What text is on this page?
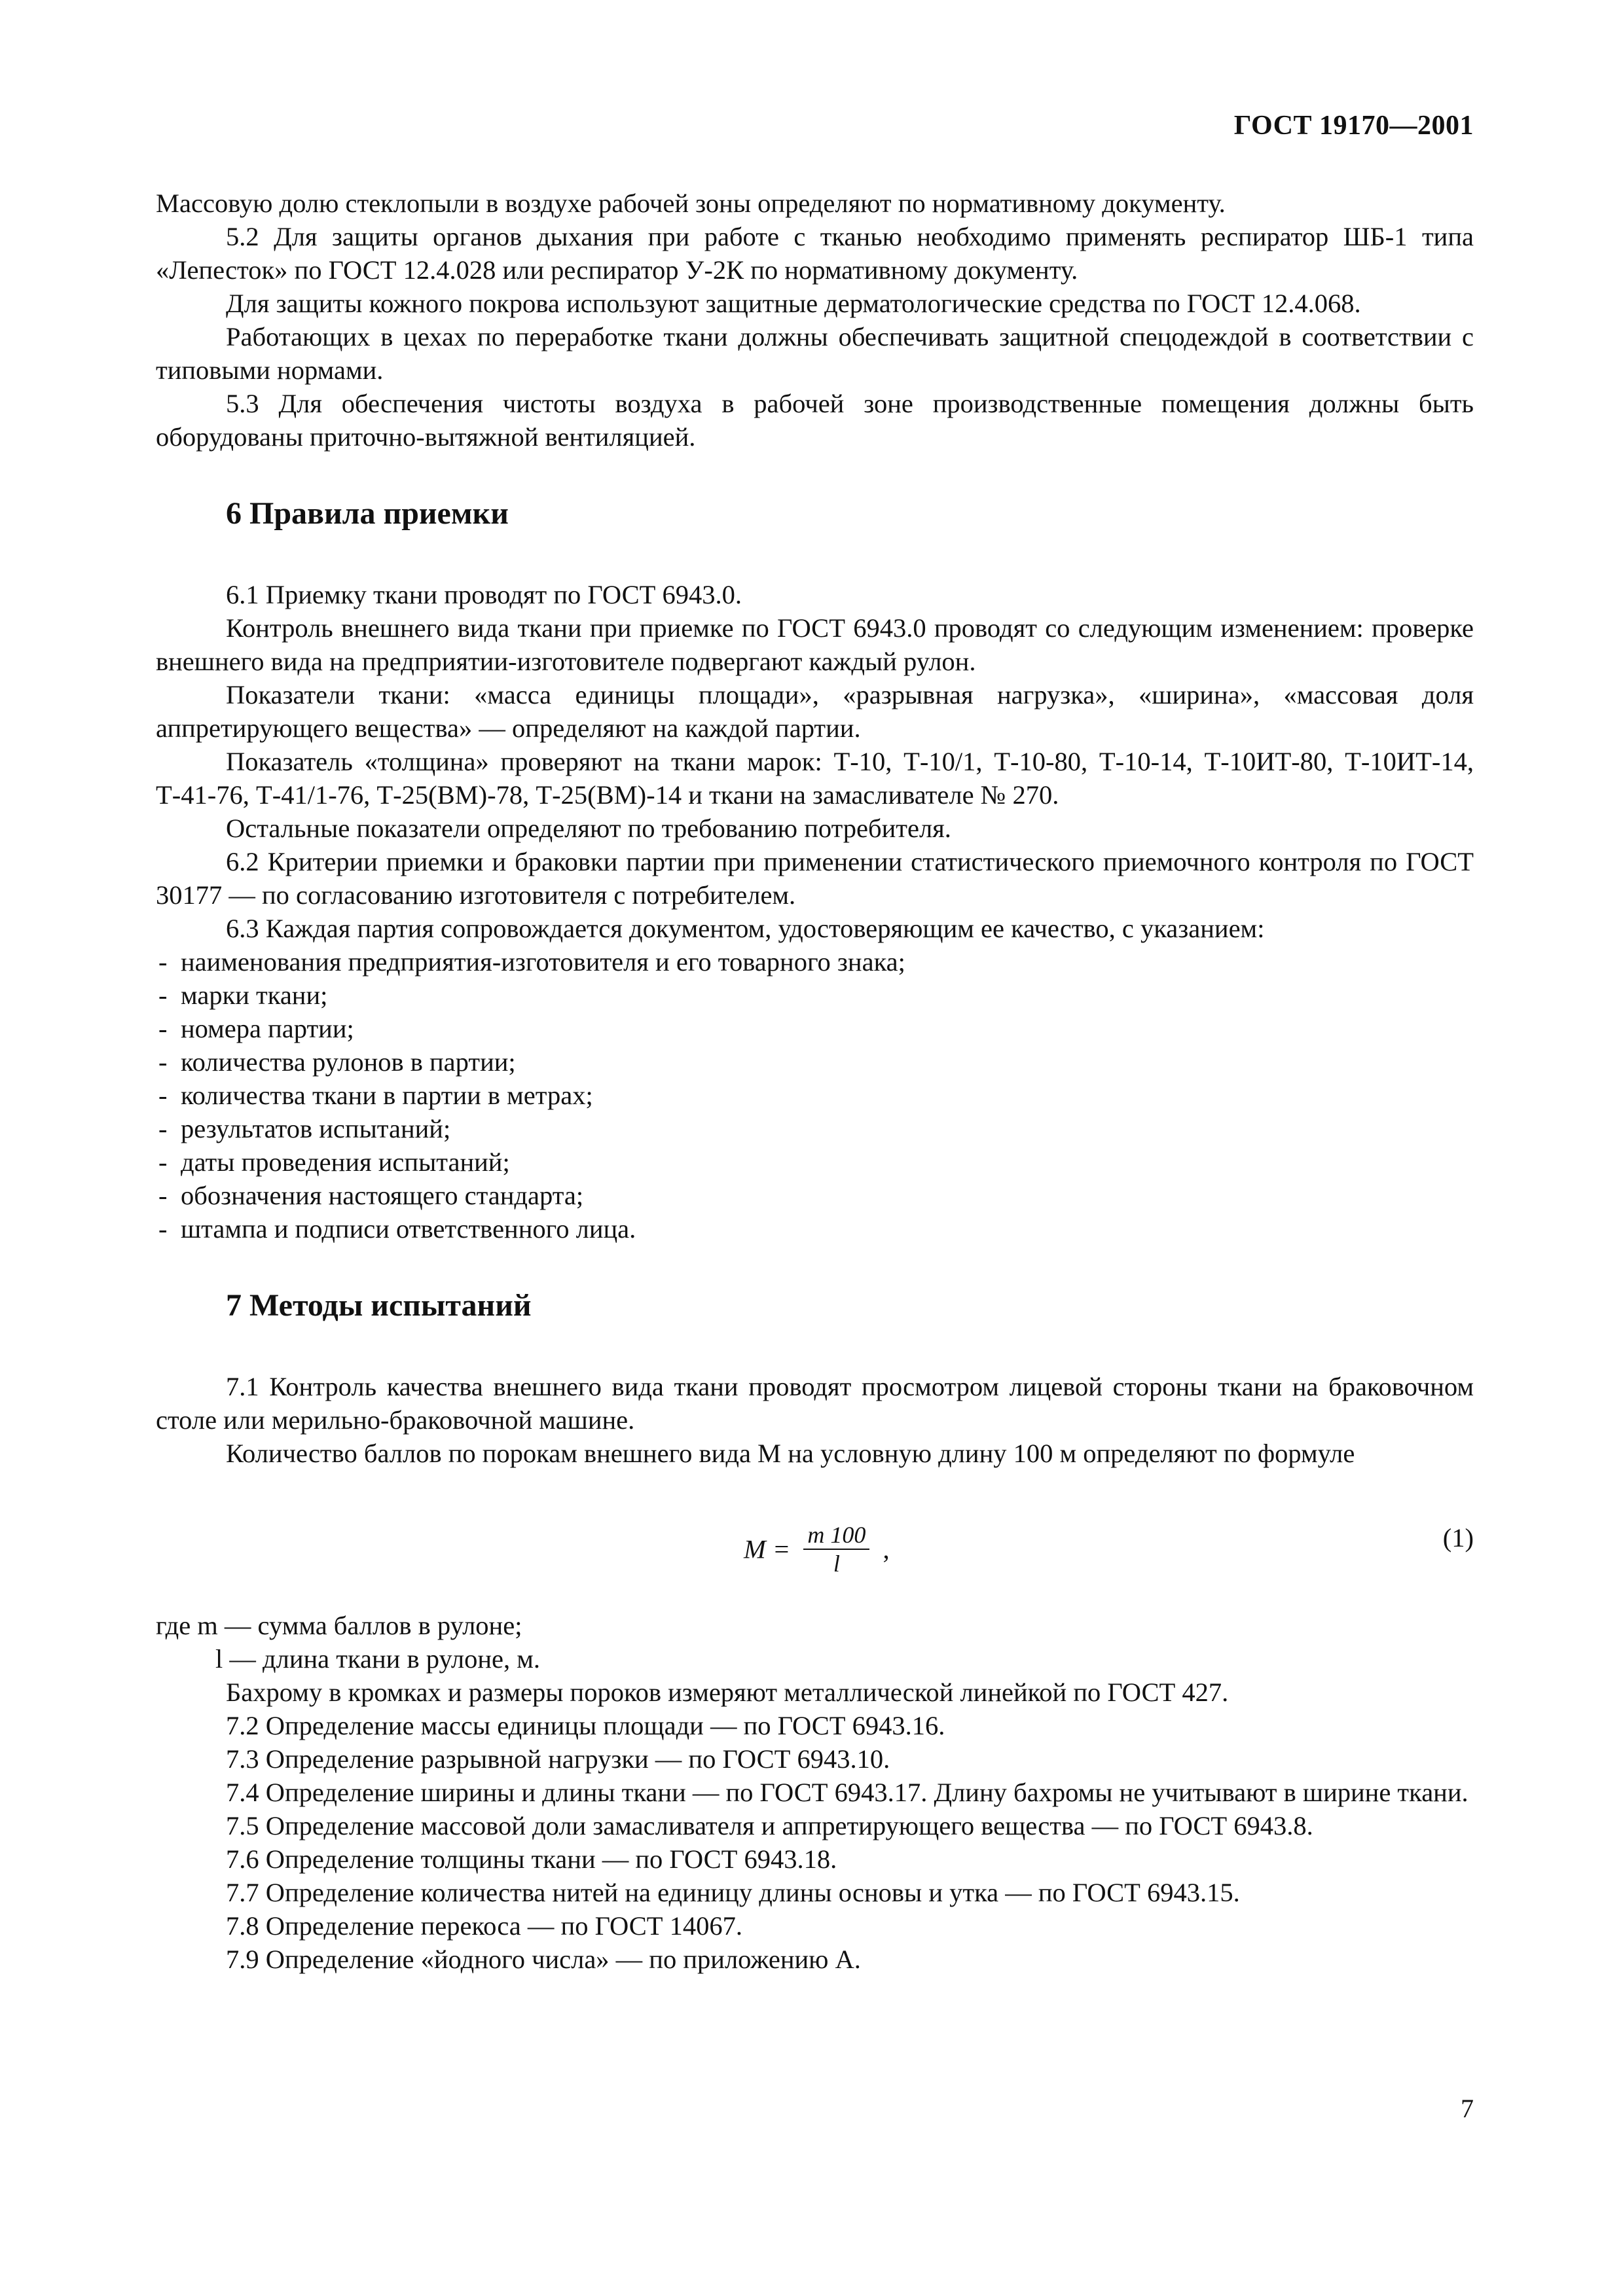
ГОСТ 19170—2001

Массовую долю стеклопыли в воздухе рабочей зоны определяют по нормативному документу.

5.2 Для защиты органов дыхания при работе с тканью необходимо применять респиратор ШБ-1 типа «Лепесток» по ГОСТ 12.4.028 или респиратор У-2К по нормативному документу.

Для защиты кожного покрова используют защитные дерматологические средства по ГОСТ 12.4.068.

Работающих в цехах по переработке ткани должны обеспечивать защитной спецодеждой в соответствии с типовыми нормами.

5.3 Для обеспечения чистоты воздуха в рабочей зоне производственные помещения должны быть оборудованы приточно-вытяжной вентиляцией.

6 Правила приемки

6.1 Приемку ткани проводят по ГОСТ 6943.0.

Контроль внешнего вида ткани при приемке по ГОСТ 6943.0 проводят со следующим изменением: проверке внешнего вида на предприятии-изготовителе подвергают каждый рулон.

Показатели ткани: «масса единицы площади», «разрывная нагрузка», «ширина», «массовая доля аппретирующего вещества» — определяют на каждой партии.

Показатель «толщина» проверяют на ткани марок: Т-10, Т-10/1, Т-10-80, Т-10-14, Т-10ИТ-80, Т-10ИТ-14, Т-41-76, Т-41/1-76, Т-25(ВМ)-78, Т-25(ВМ)-14 и ткани на замасливателе № 270.

Остальные показатели определяют по требованию потребителя.

6.2 Критерии приемки и браковки партии при применении статистического приемочного контроля по ГОСТ 30177 — по согласованию изготовителя с потребителем.

6.3 Каждая партия сопровождается документом, удостоверяющим ее качество, с указанием:

- наименования предприятия-изготовителя и его товарного знака;
- марки ткани;
- номера партии;
- количества рулонов в партии;
- количества ткани в партии в метрах;
- результатов испытаний;
- даты проведения испытаний;
- обозначения настоящего стандарта;
- штампа и подписи ответственного лица.
7 Методы испытаний

7.1 Контроль качества внешнего вида ткани проводят просмотром лицевой стороны ткани на браковочном столе или мерильно-браковочной машине.

Количество баллов по порокам внешнего вида M на условную длину 100 м определяют по формуле

$M = \frac{m 100}{l}$ ,	(1)

где m — сумма баллов в рулоне;

l — длина ткани в рулоне, м.

Бахрому в кромках и размеры пороков измеряют металлической линейкой по ГОСТ 427.

7.2 Определение массы единицы площади — по ГОСТ 6943.16.

7.3 Определение разрывной нагрузки — по ГОСТ 6943.10.

7.4 Определение ширины и длины ткани — по ГОСТ 6943.17. Длину бахромы не учитывают в ширине ткани.

7.5 Определение массовой доли замасливателя и аппретирующего вещества — по ГОСТ 6943.8.

7.6 Определение толщины ткани — по ГОСТ 6943.18.

7.7 Определение количества нитей на единицу длины основы и утка — по ГОСТ 6943.15.

7.8 Определение перекоса — по ГОСТ 14067.

7.9 Определение «йодного числа» — по приложению А.

7
